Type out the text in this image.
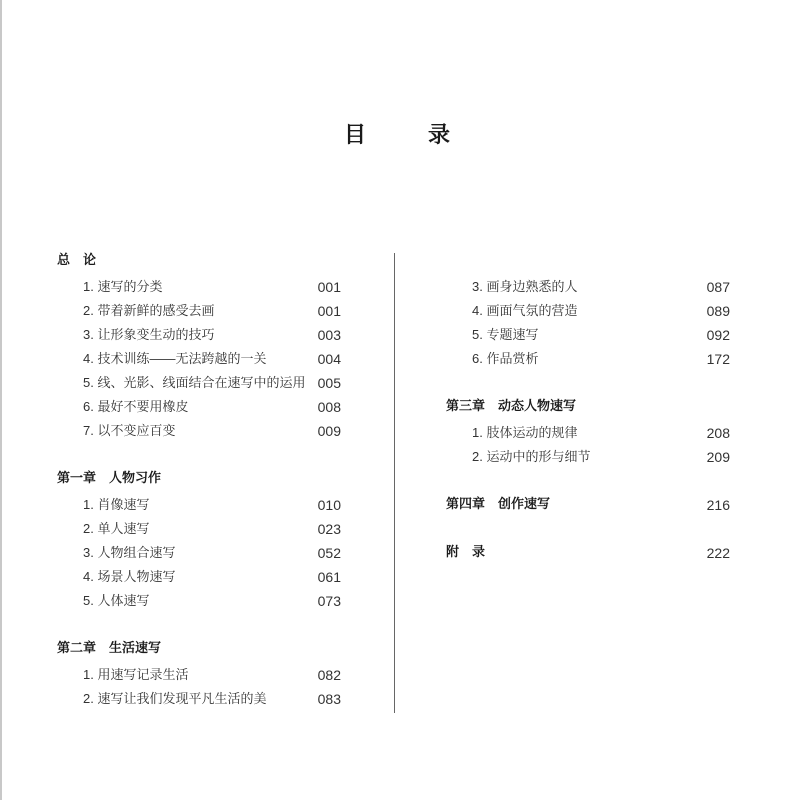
目　录
总　论
1. 速写的分类	001
2. 带着新鲜的感受去画	001
3. 让形象变生动的技巧	003
4. 技术训练——无法跨越的一关	004
5. 线、光影、线面结合在速写中的运用 005
6. 最好不要用橡皮	008
7. 以不变应百变	009
第一章　人物习作
1. 肖像速写	010
2. 单人速写	023
3. 人物组合速写	052
4. 场景人物速写	061
5. 人体速写	073
第二章　生活速写
1. 用速写记录生活	082
2. 速写让我们发现平凡生活的美	083
3. 画身边熟悉的人	087
4. 画面气氛的营造	089
5. 专题速写	092
6. 作品赏析	172
第三章　动态人物速写
1. 肢体运动的规律	208
2. 运动中的形与细节	209
第四章　创作速写	216
附　录	222
